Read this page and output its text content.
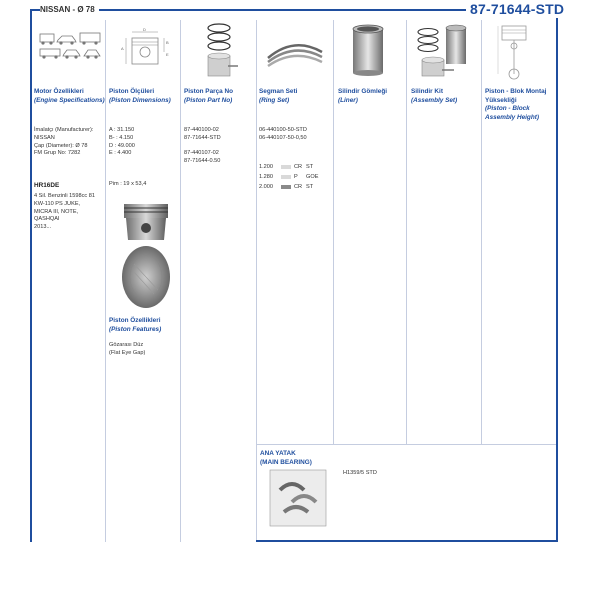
NISSAN - Ø 78	87-71644-STD
Motor Özellikleri
(Engine Specifications)
İmalatçı (Manufacturer):
NISSAN
Çap (Diameter): Ø 78
FM Grup No: 7282
HR16DE
4 Sil. Benzinli 1598cc 81
KW-110 PS JUKE,
MICRA III, NOTE,
QASHQAI
2013...
A
B
D
E
Piston Ölçüleri
(Piston Dimensions)
A : 31.150
B- : 4.150
D : 49.000
E : 4.400
Pim : 19 x 53,4
Piston Özellikleri
(Piston Features)
Gözarası Düz
(Flat Eye Gap)
Piston Parça No
(Piston Part No)
87-440100-02
87-71644-STD
87-440107-02
87-71644-0.50
Segman Seti
(Ring Set)
06-440100-50-STD
06-440107-50-0,50
1.200	CR ST
1.280	P	GOE
2.000	CR ST
Silindir Gömleği
(Liner)
Silindir Kit
(Assembly Set)
Piston - Blok Montaj
Yüksekliği
(Piston - Block
Assembly Height)
ANA YATAK
(MAIN BEARING)
H1359/5 STD
